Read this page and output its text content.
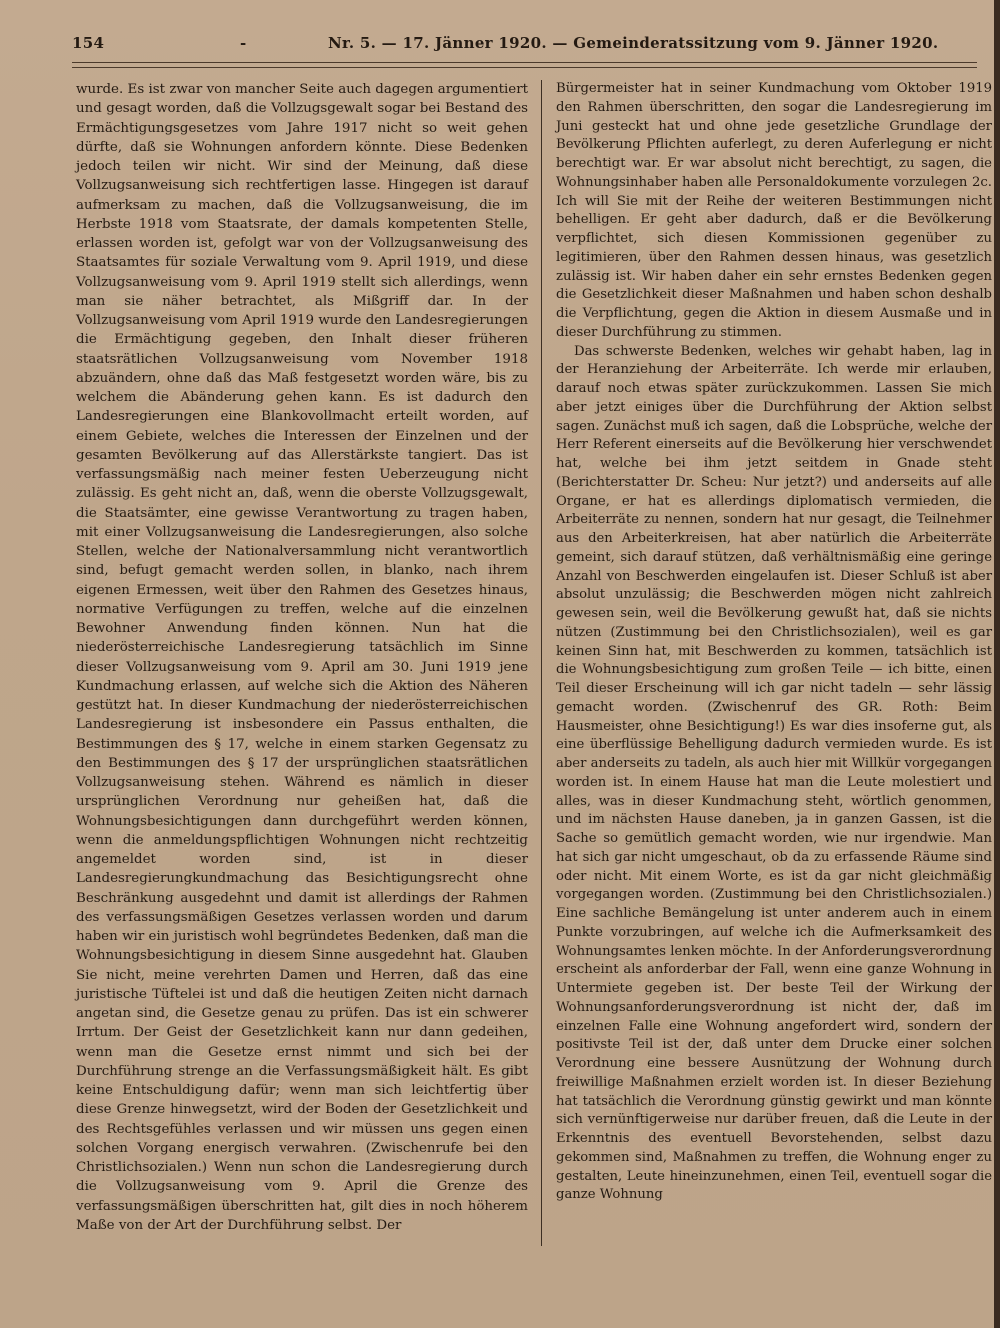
154	-	Nr. 5. — 17. Jänner 1920. — Gemeinderatssitzung vom 9. Jänner 1920.

wurde. Es ist zwar von mancher Seite auch dagegen argumentiert und gesagt worden, daß die Vollzugsgewalt sogar bei Bestand des Ermächtigungsgesetzes vom Jahre 1917 nicht so weit gehen dürfte, daß sie Wohnungen anfordern könnte. Diese Bedenken jedoch teilen wir nicht. Wir sind der Meinung, daß diese Vollzugsanweisung sich rechtfertigen lasse. Hingegen ist darauf aufmerksam zu machen, daß die Vollzugsanweisung, die im Herbste 1918 vom Staatsrate, der damals kompetenten Stelle, erlassen worden ist, gefolgt war von der Vollzugsanweisung des Staatsamtes für soziale Verwaltung vom 9. April 1919, und diese Vollzugsanweisung vom 9. April 1919 stellt sich allerdings, wenn man sie näher betrachtet, als Mißgriff dar. In der Vollzugsanweisung vom April 1919 wurde den Landesregierungen die Ermächtigung gegeben, den Inhalt dieser früheren staatsrätlichen Vollzugsanweisung vom November 1918 abzuändern, ohne daß das Maß festgesetzt worden wäre, bis zu welchem die Abänderung gehen kann. Es ist dadurch den Landesregierungen eine Blankovollmacht erteilt worden, auf einem Gebiete, welches die Interessen der Einzelnen und der gesamten Bevölkerung auf das Allerstärkste tangiert. Das ist verfassungsmäßig nach meiner festen Ueberzeugung nicht zulässig. Es geht nicht an, daß, wenn die oberste Vollzugsgewalt, die Staatsämter, eine gewisse Verantwortung zu tragen haben, mit einer Vollzugsanweisung die Landesregierungen, also solche Stellen, welche der Nationalversammlung nicht verantwortlich sind, befugt gemacht werden sollen, in blanko, nach ihrem eigenen Ermessen, weit über den Rahmen des Gesetzes hinaus, normative Verfügungen zu treffen, welche auf die einzelnen Bewohner Anwendung finden können. Nun hat die niederösterreichische Landesregierung tatsächlich im Sinne dieser Vollzugsanweisung vom 9. April am 30. Juni 1919 jene Kundmachung erlassen, auf welche sich die Aktion des Näheren gestützt hat. In dieser Kundmachung der niederösterreichischen Landesregierung ist insbesondere ein Passus enthalten, die Bestimmungen des § 17, welche in einem starken Gegensatz zu den Bestimmungen des § 17 der ursprünglichen staatsrätlichen Vollzugsanweisung stehen. Während es nämlich in dieser ursprünglichen Verordnung nur geheißen hat, daß die Wohnungsbesichtigungen dann durchgeführt werden können, wenn die anmeldungspflichtigen Wohnungen nicht rechtzeitig angemeldet worden sind, ist in dieser Landesregierungkundmachung das Besichtigungsrecht ohne Beschränkung ausgedehnt und damit ist allerdings der Rahmen des verfassungsmäßigen Gesetzes verlassen worden und darum haben wir ein juristisch wohl begründetes Bedenken, daß man die Wohnungsbesichtigung in diesem Sinne ausgedehnt hat. Glauben Sie nicht, meine verehrten Damen und Herren, daß das eine juristische Tüftelei ist und daß die heutigen Zeiten nicht darnach angetan sind, die Gesetze genau zu prüfen. Das ist ein schwerer Irrtum. Der Geist der Gesetzlichkeit kann nur dann gedeihen, wenn man die Gesetze ernst nimmt und sich bei der Durchführung strenge an die Verfassungsmäßigkeit hält. Es gibt keine Entschuldigung dafür; wenn man sich leichtfertig über diese Grenze hinwegsetzt, wird der Boden der Gesetzlichkeit und des Rechtsgefühles verlassen und wir müssen uns gegen einen solchen Vorgang energisch verwahren. (Zwischenrufe bei den Christlichsozialen.) Wenn nun schon die Landesregierung durch die Vollzugsanweisung vom 9. April die Grenze des verfassungsmäßigen überschritten hat, gilt dies in noch höherem Maße von der Art der Durchführung selbst. Der

Bürgermeister hat in seiner Kundmachung vom Oktober 1919 den Rahmen überschritten, den sogar die Landesregierung im Juni gesteckt hat und ohne jede gesetzliche Grundlage der Bevölkerung Pflichten auferlegt, zu deren Auferlegung er nicht berechtigt war. Er war absolut nicht berechtigt, zu sagen, die Wohnungsinhaber haben alle Personaldokumente vorzulegen 2c. Ich will Sie mit der Reihe der weiteren Bestimmungen nicht behelligen. Er geht aber dadurch, daß er die Bevölkerung verpflichtet, sich diesen Kommissionen gegenüber zu legitimieren, über den Rahmen dessen hinaus, was gesetzlich zulässig ist. Wir haben daher ein sehr ernstes Bedenken gegen die Gesetzlichkeit dieser Maßnahmen und haben schon deshalb die Verpflichtung, gegen die Aktion in diesem Ausmaße und in dieser Durchführung zu stimmen.

Das schwerste Bedenken, welches wir gehabt haben, lag in der Heranziehung der Arbeiterräte. Ich werde mir erlauben, darauf noch etwas später zurückzukommen. Lassen Sie mich aber jetzt einiges über die Durchführung der Aktion selbst sagen. Zunächst muß ich sagen, daß die Lobsprüche, welche der Herr Referent einerseits auf die Bevölkerung hier verschwendet hat, welche bei ihm jetzt seitdem in Gnade steht (Berichterstatter Dr. Scheu: Nur jetzt?) und anderseits auf alle Organe, er hat es allerdings diplomatisch vermieden, die Arbeiterräte zu nennen, sondern hat nur gesagt, die Teilnehmer aus den Arbeiterkreisen, hat aber natürlich die Arbeiterräte gemeint, sich darauf stützen, daß verhältnismäßig eine geringe Anzahl von Beschwerden eingelaufen ist. Dieser Schluß ist aber absolut unzulässig; die Beschwerden mögen nicht zahlreich gewesen sein, weil die Bevölkerung gewußt hat, daß sie nichts nützen (Zustimmung bei den Christlichsozialen), weil es gar keinen Sinn hat, mit Beschwerden zu kommen, tatsächlich ist die Wohnungsbesichtigung zum großen Teile — ich bitte, einen Teil dieser Erscheinung will ich gar nicht tadeln — sehr lässig gemacht worden. (Zwischenruf des GR. Roth: Beim Hausmeister, ohne Besichtigung!) Es war dies insoferne gut, als eine überflüssige Behelligung dadurch vermieden wurde. Es ist aber anderseits zu tadeln, als auch hier mit Willkür vorgegangen worden ist. In einem Hause hat man die Leute molestiert und alles, was in dieser Kundmachung steht, wörtlich genommen, und im nächsten Hause daneben, ja in ganzen Gassen, ist die Sache so gemütlich gemacht worden, wie nur irgendwie. Man hat sich gar nicht umgeschaut, ob da zu erfassende Räume sind oder nicht. Mit einem Worte, es ist da gar nicht gleichmäßig vorgegangen worden. (Zustimmung bei den Christlichsozialen.) Eine sachliche Bemängelung ist unter anderem auch in einem Punkte vorzubringen, auf welche ich die Aufmerksamkeit des Wohnungsamtes lenken möchte. In der Anforderungsverordnung erscheint als anforderbar der Fall, wenn eine ganze Wohnung in Untermiete gegeben ist. Der beste Teil der Wirkung der Wohnungsanforderungsverordnung ist nicht der, daß im einzelnen Falle eine Wohnung angefordert wird, sondern der positivste Teil ist der, daß unter dem Drucke einer solchen Verordnung eine bessere Ausnützung der Wohnung durch freiwillige Maßnahmen erzielt worden ist. In dieser Beziehung hat tatsächlich die Verordnung günstig gewirkt und man könnte sich vernünftigerweise nur darüber freuen, daß die Leute in der Erkenntnis des eventuell Bevorstehenden, selbst dazu gekommen sind, Maßnahmen zu treffen, die Wohnung enger zu gestalten, Leute hineinzunehmen, einen Teil, eventuell sogar die ganze Wohnung
